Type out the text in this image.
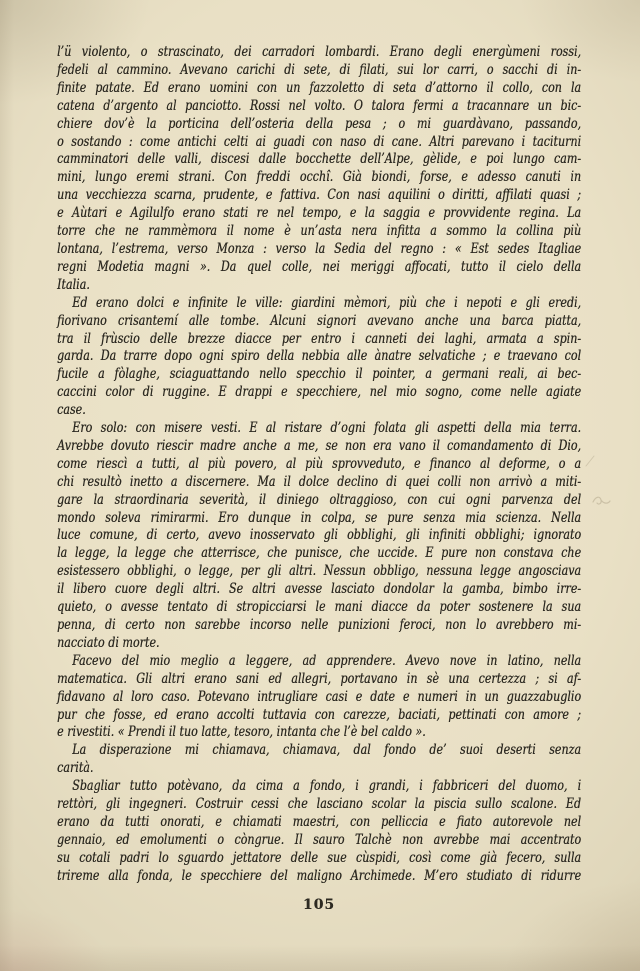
l’ü violento, o strascinato, dei carradori lombardi. Erano degli energùmeni rossi,
fedeli al cammino. Avevano carichi di sete, di filati, sui lor carri, o sacchi di in-
finite patate. Ed erano uomini con un fazzoletto di seta d’attorno il collo, con la
catena d’argento al panciotto. Rossi nel volto. O talora fermi a tracannare un bic-
chiere dov’è la porticina dell’osteria della pesa ; o mi guardàvano, passando,
o sostando : come antichi celti ai guadi con naso di cane. Altri parevano i taciturni
camminatori delle valli, discesi dalle bocchette dell’Alpe, gèlide, e poi lungo cam-
mini, lungo eremi strani. Con freddi occhî. Già biondi, forse, e adesso canuti in
una vecchiezza scarna, prudente, e fattiva. Con nasi aquilini o diritti, affilati quasi ;
e Aùtari e Agilulfo erano stati re nel tempo, e la saggia e provvidente regina. La
torre che ne rammèmora il nome è un’asta nera infitta a sommo la collina più
lontana, l’estrema, verso Monza : verso la Sedia del regno : « Est sedes Itagliae
regni Modetia magni ». Da quel colle, nei meriggi affocati, tutto il cielo della
Italia.
Ed erano dolci e infinite le ville: giardini mèmori, più che i nepoti e gli eredi,
fiorivano crisantemí alle tombe. Alcuni signori avevano anche una barca piatta,
tra il frùscio delle brezze diacce per entro i canneti dei laghi, armata a spin-
garda. Da trarre dopo ogni spiro della nebbia alle ànatre selvatiche ; e traevano col
fucile a fòlaghe, sciaguattando nello specchio il pointer, a germani reali, ai bec-
caccini color di ruggine. E drappi e specchiere, nel mio sogno, come nelle agiate
case.
Ero solo: con misere vesti. E al ristare d’ogni folata gli aspetti della mia terra.
Avrebbe dovuto riescir madre anche a me, se non era vano il comandamento di Dio,
come riescì a tutti, al più povero, al più sprovveduto, e financo al deforme, o a
chi resultò inetto a discernere. Ma il dolce declino di quei colli non arrivò a miti-
gare la straordinaria severità, il diniego oltraggioso, con cui ogni parvenza del
mondo soleva rimirarmi. Ero dunque in colpa, se pure senza mia scienza. Nella
luce comune, di certo, avevo inosservato gli obblighi, gli infiniti obblighi; ignorato
la legge, la legge che atterrisce, che punisce, che uccide. E pure non constava che
esistessero obblighi, o legge, per gli altri. Nessun obbligo, nessuna legge angosciava
il libero cuore degli altri. Se altri avesse lasciato dondolar la gamba, bimbo irre-
quieto, o avesse tentato di stropicciarsi le mani diacce da poter sostenere la sua
penna, di certo non sarebbe incorso nelle punizioni feroci, non lo avrebbero mi-
nacciato di morte.
Facevo del mio meglio a leggere, ad apprendere. Avevo nove in latino, nella
matematica. Gli altri erano sani ed allegri, portavano in sè una certezza ; si af-
fidavano al loro caso. Potevano intrugliare casi e date e numeri in un guazzabuglio
pur che fosse, ed erano accolti tuttavia con carezze, baciati, pettinati con amore ;
e rivestiti. « Prendi il tuo latte, tesoro, intanta che l’è bel caldo ».
La disperazione mi chiamava, chiamava, dal fondo de’ suoi deserti senza
carità.
Sbagliar tutto potèvano, da cima a fondo, i grandi, i fabbriceri del duomo, i
rettòri, gli ingegneri. Costruir cessi che lasciano scolar la piscia sullo scalone. Ed
erano da tutti onorati, e chiamati maestri, con pelliccia e fiato autorevole nel
gennaio, ed emolumenti o còngrue. Il sauro Talchè non avrebbe mai accentrato
su cotali padri lo sguardo jettatore delle sue cùspidi, così come già fecero, sulla
trireme alla fonda, le specchiere del maligno Archimede. M’ero studiato di ridurre
105
